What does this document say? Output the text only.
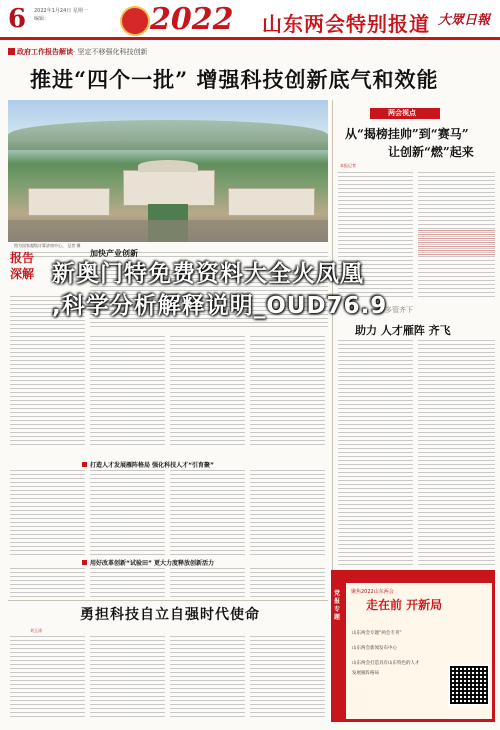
6 2022年1月24日 星期一
编辑：	2022 山东两会特别报道 大眾日報
政府工作报告解读· 坚定不移强化科技创新
推进“四个一批” 增强科技创新底气和效能
图为国家超级计算济南中心。 记者 摄
报告深解
加快产业创新
两会视点
从“揭榜挂帅”到“赛马”
让创新“燃”起来
本报记者
新奥门特免费资料大全火凤凰
,科学分析解释说明_OUD76.9
多管齐下
助力 人才雁阵 齐飞
打造人才发展雁阵格局 强化科技人才“引育聚”
用好改革创新“试验田” 更大力度释放创新活力
勇担科技自立自强时代使命
刘玉涛
党报专题
聚焦2022山东两会
走在前 开新局
山东两会专题“两会专刊”
山东两会新闻发布中心
山东两会打造具有山东特色的人才
发展雁阵格局
